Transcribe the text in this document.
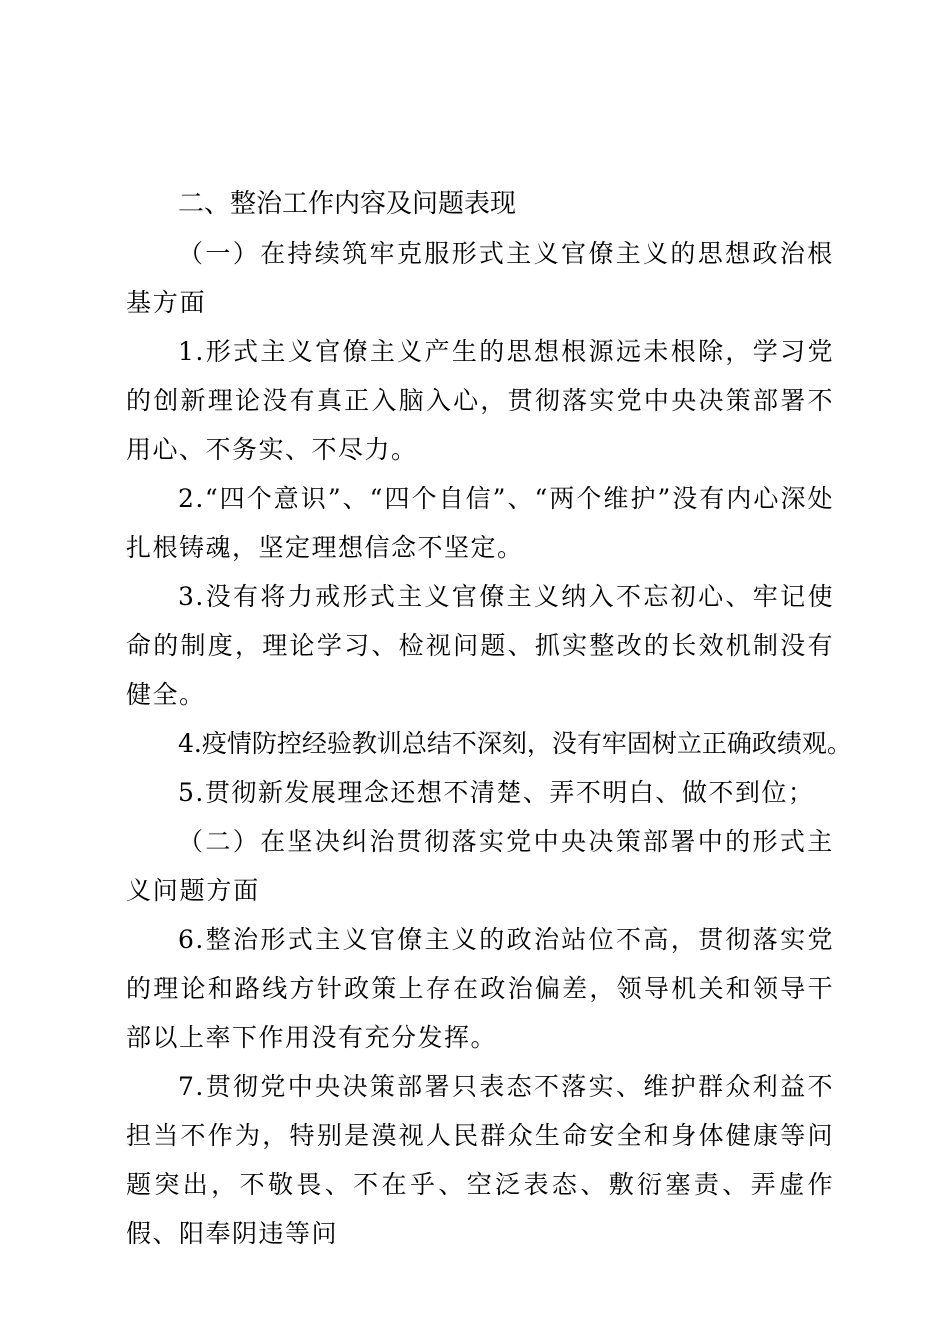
二、整治工作内容及问题表现

（一）在持续筑牢克服形式主义官僚主义的思想政治根基方面

1.形式主义官僚主义产生的思想根源远未根除，学习党的创新理论没有真正入脑入心，贯彻落实党中央决策部署不用心、不务实、不尽力。

2.“四个意识”、“四个自信”、“两个维护”没有内心深处扎根铸魂，坚定理想信念不坚定。

3.没有将力戒形式主义官僚主义纳入不忘初心、牢记使命的制度，理论学习、检视问题、抓实整改的长效机制没有健全。

4.疫情防控经验教训总结不深刻，没有牢固树立正确政绩观。

5.贯彻新发展理念还想不清楚、弄不明白、做不到位；

（二）在坚决纠治贯彻落实党中央决策部署中的形式主义问题方面

6.整治形式主义官僚主义的政治站位不高，贯彻落实党的理论和路线方针政策上存在政治偏差，领导机关和领导干部以上率下作用没有充分发挥。

7.贯彻党中央决策部署只表态不落实、维护群众利益不担当不作为，特别是漠视人民群众生命安全和身体健康等问题突出，不敬畏、不在乎、空泛表态、敷衍塞责、弄虚作假、阳奉阴违等问
